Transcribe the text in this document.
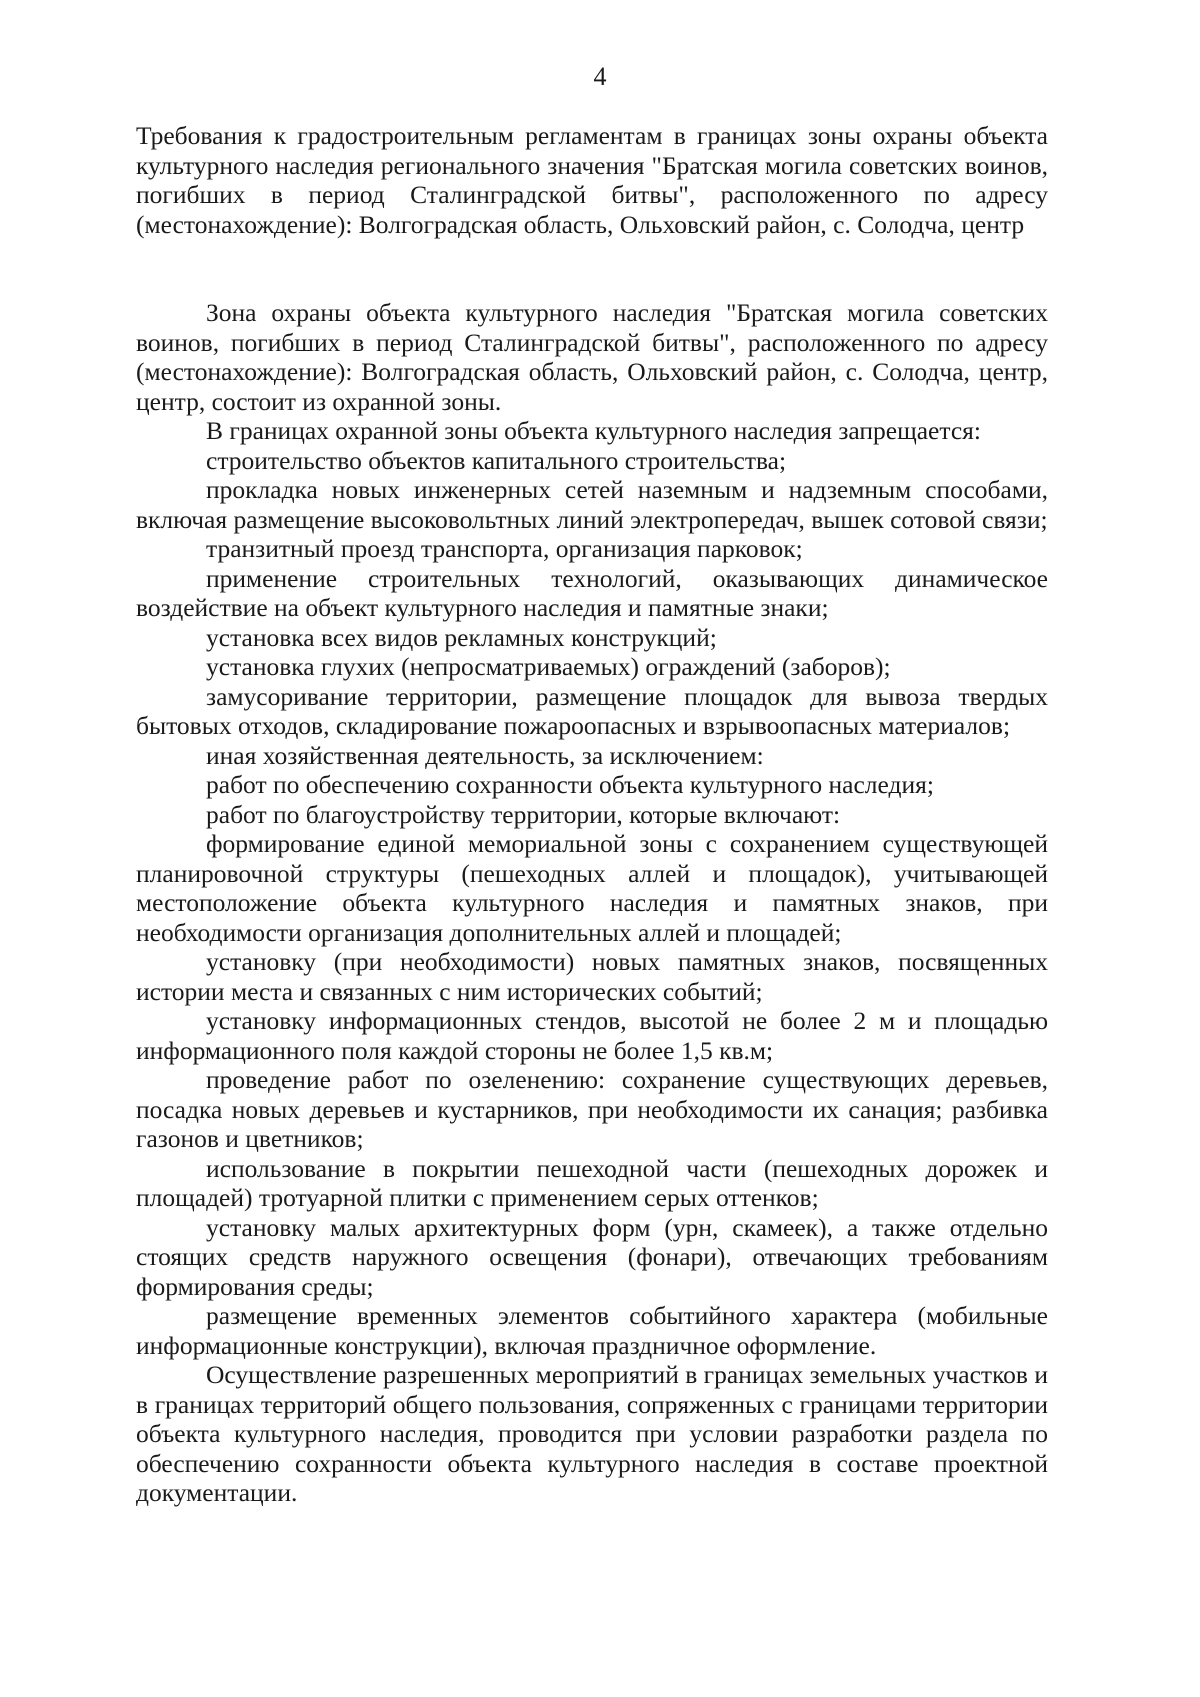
4

Требования к градостроительным регламентам в границах зоны охраны объекта культурного наследия регионального значения "Братская могила советских воинов, погибших в период Сталинградской битвы", расположенного по адресу (местонахождение): Волгоградская область, Ольховский район, с. Солодча, центр

Зона охраны объекта культурного наследия "Братская могила советских воинов, погибших в период Сталинградской битвы", расположенного по адресу (местонахождение): Волгоградская область, Ольховский район, с. Солодча, центр, центр, состоит из охранной зоны.

В границах охранной зоны объекта культурного наследия запрещается:

строительство объектов капитального строительства;

прокладка новых инженерных сетей наземным и надземным способами, включая размещение высоковольтных линий электропередач, вышек сотовой связи;

транзитный проезд транспорта, организация парковок;

применение строительных технологий, оказывающих динамическое воздействие на объект культурного наследия и памятные знаки;

установка всех видов рекламных конструкций;

установка глухих (непросматриваемых) ограждений (заборов);

замусоривание территории, размещение площадок для вывоза твердых бытовых отходов, складирование пожароопасных и взрывоопасных материалов;

иная хозяйственная деятельность, за исключением:

работ по обеспечению сохранности объекта культурного наследия;

работ по благоустройству территории, которые включают:

формирование единой мемориальной зоны с сохранением существующей планировочной структуры (пешеходных аллей и площадок), учитывающей местоположение объекта культурного наследия и памятных знаков, при необходимости организация дополнительных аллей и площадей;

установку (при необходимости) новых памятных знаков, посвященных истории места и связанных с ним исторических событий;

установку информационных стендов, высотой не более 2 м и площадью информационного поля каждой стороны не более 1,5 кв.м;

проведение работ по озеленению: сохранение существующих деревьев, посадка новых деревьев и кустарников, при необходимости их санация; разбивка газонов и цветников;

использование в покрытии пешеходной части (пешеходных дорожек и площадей) тротуарной плитки с применением серых оттенков;

установку малых архитектурных форм (урн, скамеек), а также отдельно стоящих средств наружного освещения (фонари), отвечающих требованиям формирования среды;

размещение временных элементов событийного характера (мобильные информационные конструкции), включая праздничное оформление.

Осуществление разрешенных мероприятий в границах земельных участков и в границах территорий общего пользования, сопряженных с границами территории объекта культурного наследия, проводится при условии разработки раздела по обеспечению сохранности объекта культурного наследия в составе проектной документации.
